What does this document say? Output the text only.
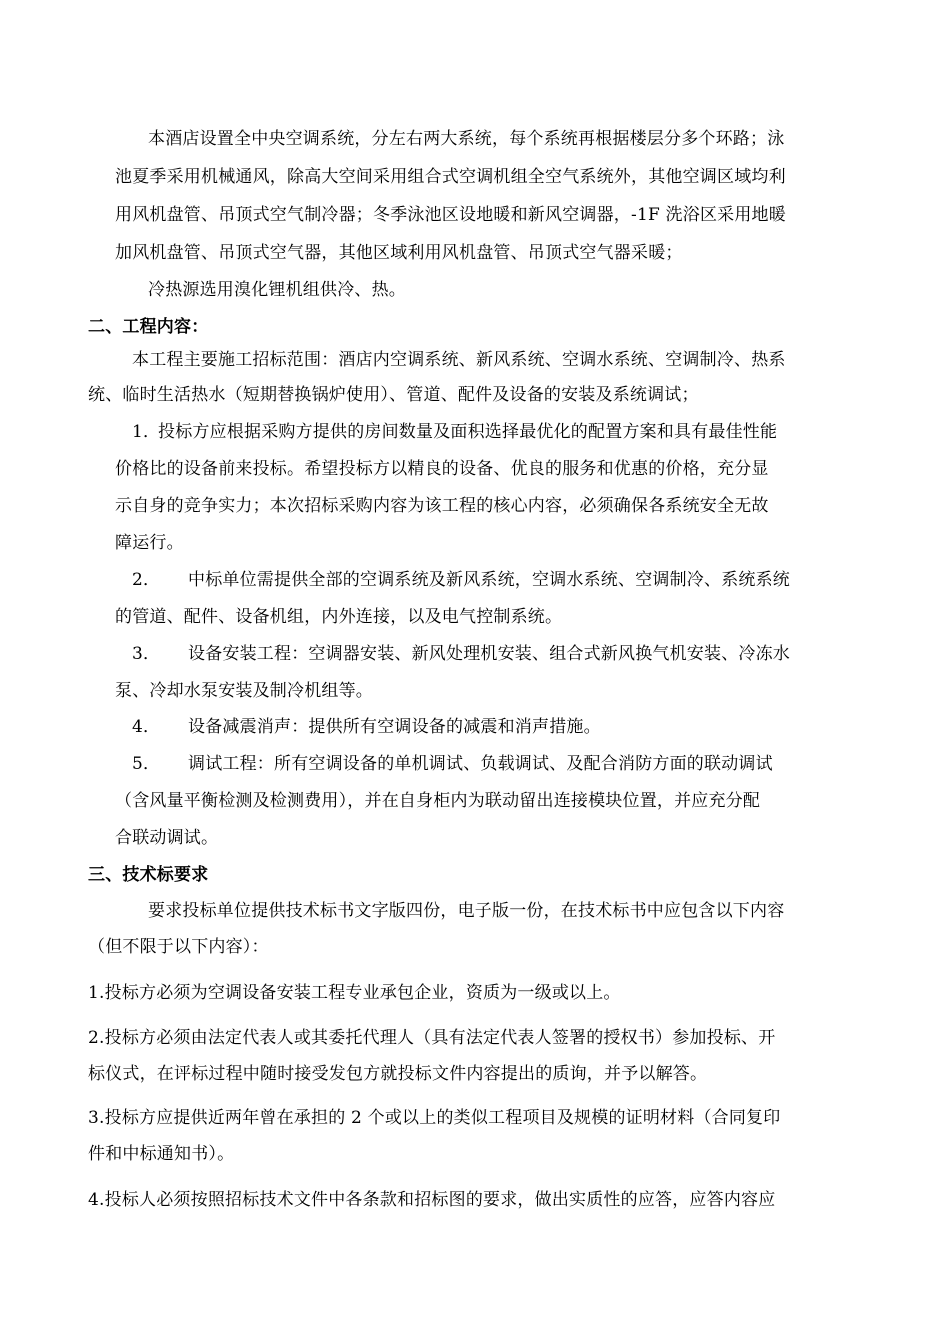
本酒店设置全中央空调系统，分左右两大系统，每个系统再根据楼层分多个环路；泳
池夏季采用机械通风，除高大空间采用组合式空调机组全空气系统外，其他空调区域均利
用风机盘管、吊顶式空气制冷器；冬季泳池区设地暖和新风空调器，-1F 洗浴区采用地暖
加风机盘管、吊顶式空气器，其他区域利用风机盘管、吊顶式空气器采暖；
冷热源选用溴化锂机组供冷、热。
二、工程内容：
本工程主要施工招标范围：酒店内空调系统、新风系统、空调水系统、空调制冷、热系
统、临时生活热水（短期替换锅炉使用）、管道、配件及设备的安装及系统调试；
1．
投标方应根据采购方提供的房间数量及面积选择最优化的配置方案和具有最佳性能
价格比的设备前来投标。希望投标方以精良的设备、优良的服务和优惠的价格，充分显
示自身的竞争实力；本次招标采购内容为该工程的核心内容，必须确保各系统安全无故
障运行。
2． 中标单位需提供全部的空调系统及新风系统，空调水系统、空调制冷、系统系统
的管道、配件、设备机组，内外连接，以及电气控制系统。
3． 设备安装工程：空调器安装、新风处理机安装、组合式新风换气机安装、冷冻水
泵、冷却水泵安装及制冷机组等。
4． 设备减震消声：提供所有空调设备的减震和消声措施。
5． 调试工程：所有空调设备的单机调试、负载调试、及配合消防方面的联动调试
（含风量平衡检测及检测费用），并在自身柜内为联动留出连接模块位置，并应充分配
合联动调试。
三、技术标要求
要求投标单位提供技术标书文字版四份，电子版一份，在技术标书中应包含以下内容
（但不限于以下内容）：
1.投标方必须为空调设备安装工程专业承包企业，资质为一级或以上。
2.投标方必须由法定代表人或其委托代理人（具有法定代表人签署的授权书）参加投标、开
标仪式，在评标过程中随时接受发包方就投标文件内容提出的质询，并予以解答。
3.投标方应提供近两年曾在承担的 2 个或以上的类似工程项目及规模的证明材料（合同复印
件和中标通知书）。
4.投标人必须按照招标技术文件中各条款和招标图的要求，做出实质性的应答，应答内容应
